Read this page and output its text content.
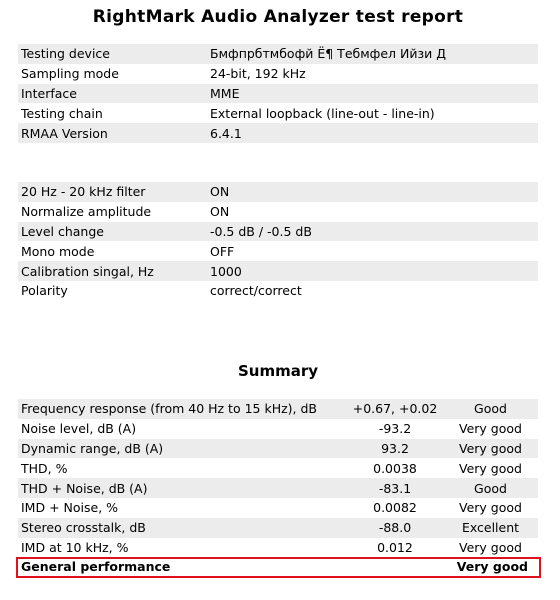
RightMark Audio Analyzer test report
Testing device	Бмфпрбтмбофй Ё¶ Тебмфел Ийзи Д
Sampling mode	24-bit, 192 kHz
Interface	MME
Testing chain	External loopback (line-out - line-in)
RMAA Version	6.4.1
20 Hz - 20 kHz filter	ON
Normalize amplitude	ON
Level change	-0.5 dB / -0.5 dB
Mono mode	OFF
Calibration singal, Hz	1000
Polarity	correct/correct
Summary
Frequency response (from 40 Hz to 15 kHz), dB	+0.67, +0.02	Good
Noise level, dB (A)	-93.2	Very good
Dynamic range, dB (A)	93.2	Very good
THD, %	0.0038	Very good
THD + Noise, dB (A)	-83.1	Good
IMD + Noise, %	0.0082	Very good
Stereo crosstalk, dB	-88.0	Excellent
IMD at 10 kHz, %	0.012	Very good
General performance		Very good
